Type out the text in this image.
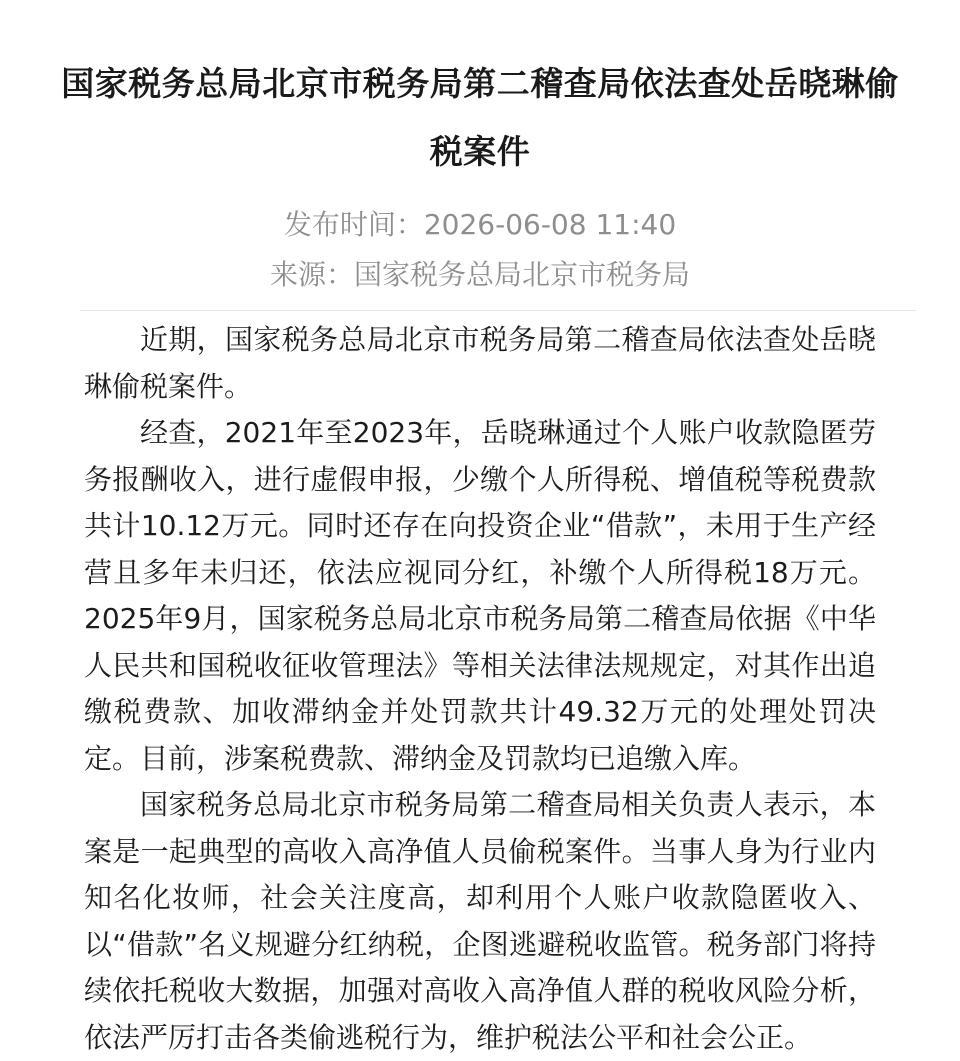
国家税务总局北京市税务局第二稽查局依法查处岳晓琳偷税案件
发布时间：2026-06-08 11:40
来源：国家税务总局北京市税务局

近期，国家税务总局北京市税务局第二稽查局依法查处岳晓琳偷税案件。

经查，2021年至2023年，岳晓琳通过个人账户收款隐匿劳务报酬收入，进行虚假申报，少缴个人所得税、增值税等税费款共计10.12万元。同时还存在向投资企业“借款”，未用于生产经营且多年未归还，依法应视同分红，补缴个人所得税18万元。2025年9月，国家税务总局北京市税务局第二稽查局依据《中华人民共和国税收征收管理法》等相关法律法规规定，对其作出追缴税费款、加收滞纳金并处罚款共计49.32万元的处理处罚决定。目前，涉案税费款、滞纳金及罚款均已追缴入库。

国家税务总局北京市税务局第二稽查局相关负责人表示，本案是一起典型的高收入高净值人员偷税案件。当事人身为行业内知名化妆师，社会关注度高，却利用个人账户收款隐匿收入、以“借款”名义规避分红纳税，企图逃避税收监管。税务部门将持续依托税收大数据，加强对高收入高净值人群的税收风险分析，依法严厉打击各类偷逃税行为，维护税法公平和社会公正。
